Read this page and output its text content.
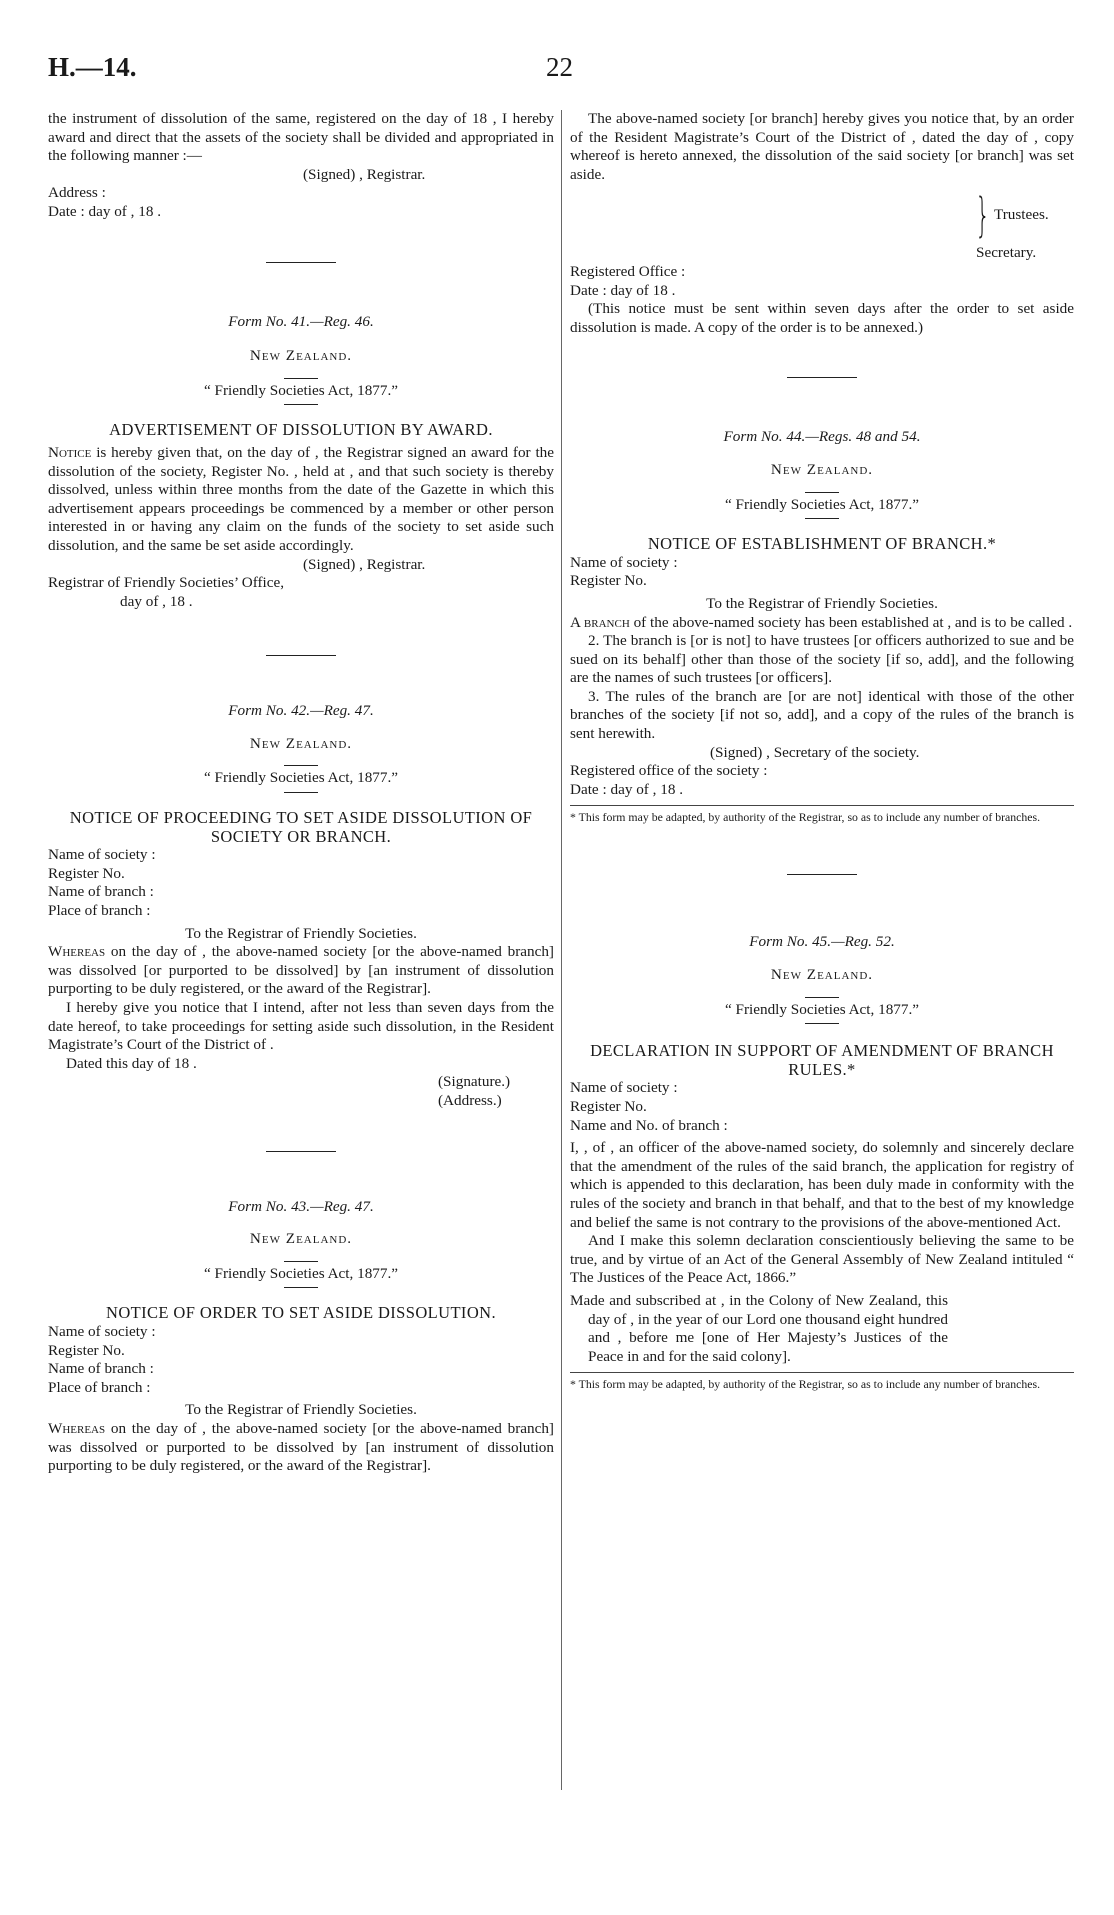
H.—14.	22

the instrument of dissolution of the same, registered on the day of 18 , I hereby award and direct that the assets of the society shall be divided and appropriated in the following manner :—

(Signed) , Registrar.

Address :

Date : day of , 18 .

Form No. 41.—Reg. 46.

New Zealand.

“ Friendly Societies Act, 1877.”

ADVERTISEMENT OF DISSOLUTION BY AWARD.

Notice is hereby given that, on the day of , the Registrar signed an award for the dissolution of the society, Register No. , held at , and that such society is thereby dissolved, unless within three months from the date of the Gazette in which this advertisement appears proceedings be commenced by a member or other person interested in or having any claim on the funds of the society to set aside such dissolution, and the same be set aside accordingly.

(Signed) , Registrar.

Registrar of Friendly Societies’ Office,

day of , 18 .

Form No. 42.—Reg. 47.

New Zealand.

“ Friendly Societies Act, 1877.”

NOTICE OF PROCEEDING TO SET ASIDE DISSOLUTION OF SOCIETY OR BRANCH.

Name of society :

Register No.

Name of branch :

Place of branch :

To the Registrar of Friendly Societies.

Whereas on the day of , the above-named society [or the above-named branch] was dissolved [or purported to be dissolved] by [an instrument of dissolution purporting to be duly registered, or the award of the Registrar].

I hereby give you notice that I intend, after not less than seven days from the date hereof, to take proceedings for setting aside such dissolution, in the Resident Magistrate’s Court of the District of .

Dated this day of 18 .

(Signature.)

(Address.)

Form No. 43.—Reg. 47.

New Zealand.

“ Friendly Societies Act, 1877.”

NOTICE OF ORDER TO SET ASIDE DISSOLUTION.

Name of society :

Register No.

Name of branch :

Place of branch :

To the Registrar of Friendly Societies.

Whereas on the day of , the above-named society [or the above-named branch] was dissolved or purported to be dissolved by [an instrument of dissolution purporting to be duly registered, or the award of the Registrar].

The above-named society [or branch] hereby gives you notice that, by an order of the Resident Magistrate’s Court of the District of , dated the day of , copy whereof is hereto annexed, the dissolution of the said society [or branch] was set aside.

} Trustees.

Secretary.

Registered Office :

Date : day of 18 .

(This notice must be sent within seven days after the order to set aside dissolution is made. A copy of the order is to be annexed.)

Form No. 44.—Regs. 48 and 54.

New Zealand.

“ Friendly Societies Act, 1877.”

NOTICE OF ESTABLISHMENT OF BRANCH.*

Name of society :

Register No.

To the Registrar of Friendly Societies.

A branch of the above-named society has been established at , and is to be called .

2. The branch is [or is not] to have trustees [or officers authorized to sue and be sued on its behalf] other than those of the society [if so, add], and the following are the names of such trustees [or officers].

3. The rules of the branch are [or are not] identical with those of the other branches of the society [if not so, add], and a copy of the rules of the branch is sent herewith.

(Signed) , Secretary of the society.

Registered office of the society :

Date : day of , 18 .

* This form may be adapted, by authority of the Registrar, so as to include any number of branches.

Form No. 45.—Reg. 52.

New Zealand.

“ Friendly Societies Act, 1877.”

DECLARATION IN SUPPORT OF AMENDMENT OF BRANCH RULES.*

Name of society :

Register No.

Name and No. of branch :

I, , of , an officer of the above-named society, do solemnly and sincerely declare that the amendment of the rules of the said branch, the application for registry of which is appended to this declaration, has been duly made in conformity with the rules of the society and branch in that behalf, and that to the best of my knowledge and belief the same is not contrary to the provisions of the above-mentioned Act.

And I make this solemn declaration conscientiously believing the same to be true, and by virtue of an Act of the General Assembly of New Zealand intituled “ The Justices of the Peace Act, 1866.”

Made and subscribed at , in the Colony of New Zealand, this day of , in the year of our Lord one thousand eight hundred and , before me [one of Her Majesty’s Justices of the Peace in and for the said colony].

* This form may be adapted, by authority of the Registrar, so as to include any number of branches.
